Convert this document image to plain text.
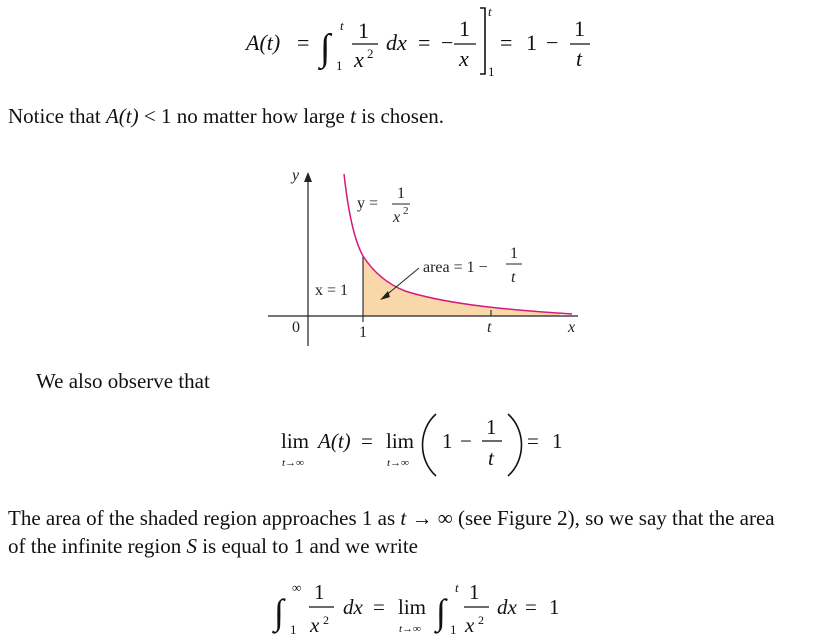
A(t) = ∫
t
1
1
x 2 dx = −
1
x
t
1
= 1 −
1
t
Notice that A(t) < 1 no matter how large t is chosen.
y
x
0	1	t
y =
1
x 2
x = 1
area = 1 −
1
t
We also observe that
lim
t→∞
A(t) = lim
t→∞
1 −
1
t
= 1
The area of the shaded region approaches 1 as t → ∞ (see Figure 2), so we say that the area
of the infinite region S is equal to 1 and we write
∫
∞
1
1
x 2
dx = lim
t→∞ ∫
t
1
1
x 2
dx = 1
